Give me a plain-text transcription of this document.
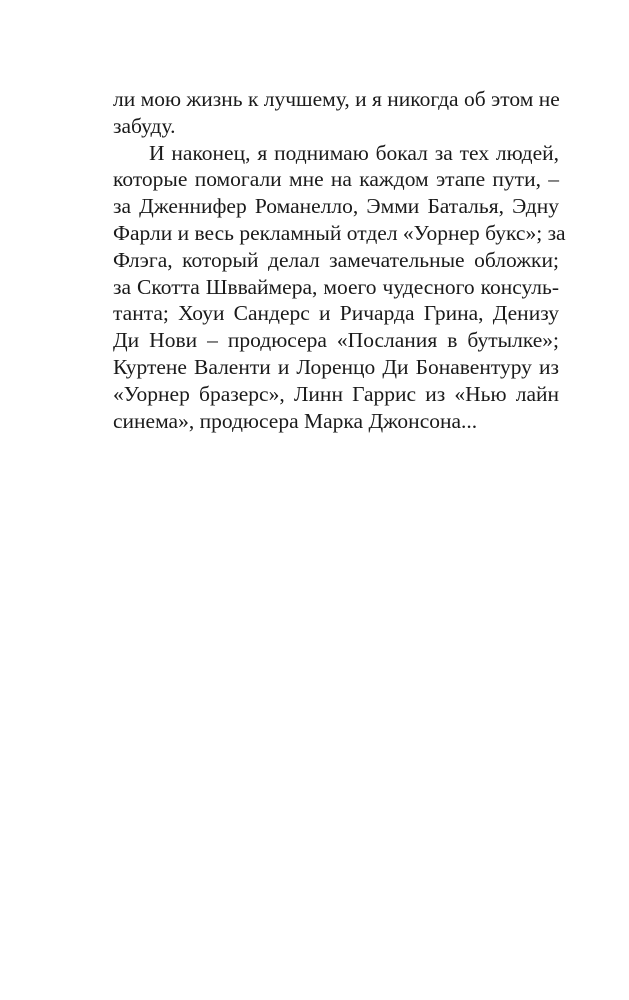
ли мою жизнь к лучшему, и я никогда об этом не
забуду.
И наконец, я поднимаю бокал за тех людей,
которые помогали мне на каждом этапе пути, –
за Дженнифер Романелло, Эмми Баталья, Эдну
Фарли и весь рекламный отдел «Уорнер букс»; за
Флэга, который делал замечательные обложки;
за Скотта Швваймера, моего чудесного консуль-
танта; Хоуи Сандерс и Ричарда Грина, Денизу
Ди Нови – продюсера «Послания в бутылке»;
Куртене Валенти и Лоренцо Ди Бонавентуру из
«Уорнер бразерс», Линн Гаррис из «Нью лайн
синема», продюсера Марка Джонсона...
